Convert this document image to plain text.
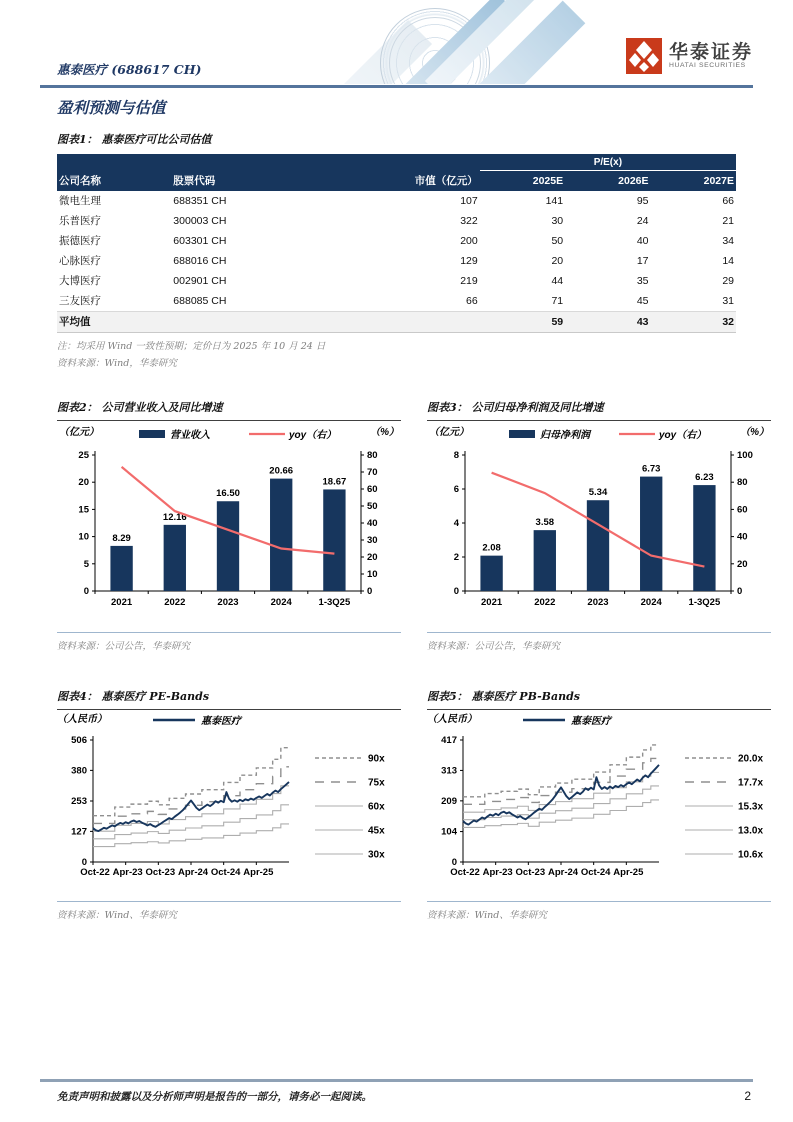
惠泰医疗 (688617 CH)
华泰证券
HUATAI SECURITIES
盈利预测与估值
图表1： 惠泰医疗可比公司估值
			P/E(x)		
公司名称	股票代码	市值（亿元）	2025E	2026E	2027E
微电生理	688351 CH	107	141	95	66
乐普医疗	300003 CH	322	30	24	21
振德医疗	603301 CH	200	50	40	34
心脉医疗	688016 CH	129	20	17	14
大博医疗	002901 CH	219	44	35	29
三友医疗	688085 CH	66	71	45	31
平均值			59	43	32
注：均采用 Wind 一致性预期；定价日为 2025 年 10 月 24 日
资料来源：Wind，华泰研究
图表2： 公司营业收入及同比增速
（亿元）	（%）
营业收入	yoy（右）
0
5
10
15
20
25
0
10
20
30
40
50
60
70
80
8.29
2021
12.16
2022
16.50
2023
20.66
2024
18.67
1-3Q25
资料来源：公司公告，华泰研究
图表3： 公司归母净利润及同比增速
（亿元）	（%）
归母净利润	yoy（右）
0
2
4
6
8
0
20
40
60
80
100
2.08
2021
3.58
2022
5.34
2023
6.73
2024
6.23
1-3Q25
资料来源：公司公告，华泰研究
图表4： 惠泰医疗 PE-Bands
（人民币）	惠泰医疗
0
127
253
380
506
Oct-22 Apr-23 Oct-23 Apr-24 Oct-24 Apr-25
90x
75x
60x
45x
30x
资料来源：Wind、华泰研究
图表5： 惠泰医疗 PB-Bands
（人民币）	惠泰医疗
0
104
209
313
417
Oct-22 Apr-23 Oct-23 Apr-24 Oct-24 Apr-25
20.0x
17.7x
15.3x
13.0x
10.6x
资料来源：Wind、华泰研究
免责声明和披露以及分析师声明是报告的一部分，请务必一起阅读。	2
